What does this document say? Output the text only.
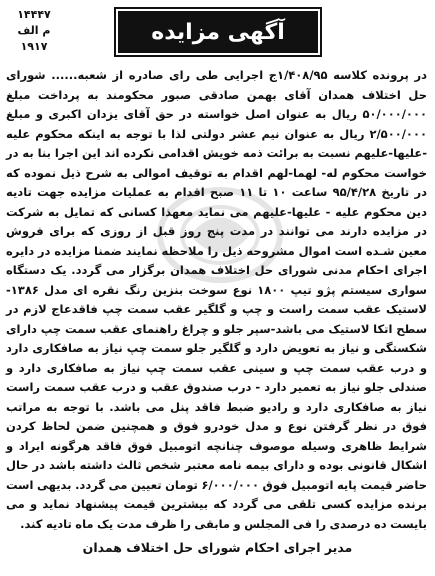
۱۴۴۴۷
م الف
۱۹۱۷
آگهی مزایده
در پرونده کلاسه ۱/۴۰۸/۹۵ج اجرایی طی رای صادره از شعبه...... شورای حل اختلاف همدان آقای بهمن صادقی صبور محکومند به پرداخت مبلغ ۵۰/۰۰۰/۰۰۰ ریال به عنوان اصل خواسته در حق آقای یزدان اکبری و مبلغ ۲/۵۰۰/۰۰۰ ریال به عنوان نیم عشر دولتی لذا با توجه به اینکه محکوم علیه -علیها-علیهم نسبت به برائت ذمه خویش اقدامی نکرده اند این اجرا بنا به در خواست محکوم له- لهما-لهم اقدام به توقیف اموالی به شرح ذیل نموده که در تاریخ ۹۵/۴/۲۸ ساعت ۱۰ تا ۱۱ صبح اقدام به عملیات مزایده جهت تادیه دین محکوم علیه - علیها-علیهم می نماید معهذا کسانی که تمایل به شرکت در مزایده دارند می توانند در مدت پنج روز قبل از روزی که برای فروش معین شـده است اموال مشروحه ذیل را ملاحظه نمایند ضمنا مزایده در دایره اجرای احکام مدنی شورای حل اختلاف همدان برگزار می گردد. یک دستگاه سواری سیستم پژو تیپ ۱۸۰۰ نوع سوخت بنزین رنگ نقره ای مدل ۱۳۸۶- لاستیک عقب سمت راست و چپ و گلگیر عقب سمت چپ فاقدعاج لازم در سطح اتکا لاستیک می باشد-سپر جلو و چراغ راهنمای عقب سمت چپ دارای شکستگی و نیاز به تعویض دارد و گلگیر جلو سمت چپ نیاز به صافکاری دارد و درب عقب سمت چپ و سینی عقب سمت چپ نیاز به صافکاری دارد و صندلی جلو نیاز به تعمیر دارد - درب صندوق عقب و درب عقب سمت راست نیاز به صافکاری دارد و رادیو ضبط فاقد پنل می باشد. با توجه به مراتب فوق در نظر گرفتن نوع و مدل خودرو فوق و همچنین ضمن لحاظ کردن شرایط ظاهری وسیله موصوف چنانچه اتومبیل فوق فاقد هرگونه ایراد و اشکال قانونی بوده و دارای بیمه نامه معتبر شخص ثالث داشته باشد در حال حاضر قیمت پایه اتومبیل فوق ۶/۰۰۰/۰۰۰ تومان تعیین می گردد. بدیهی است برنده مزایده کسی تلقی می گردد که بیشترین قیمت پیشنهاد نماید و می بایست ده درصدی را فی المجلس و مابقی را ظرف مدت یک ماه تادیه کند.
مدیر اجرای احکام شورای حل اختلاف همدان
